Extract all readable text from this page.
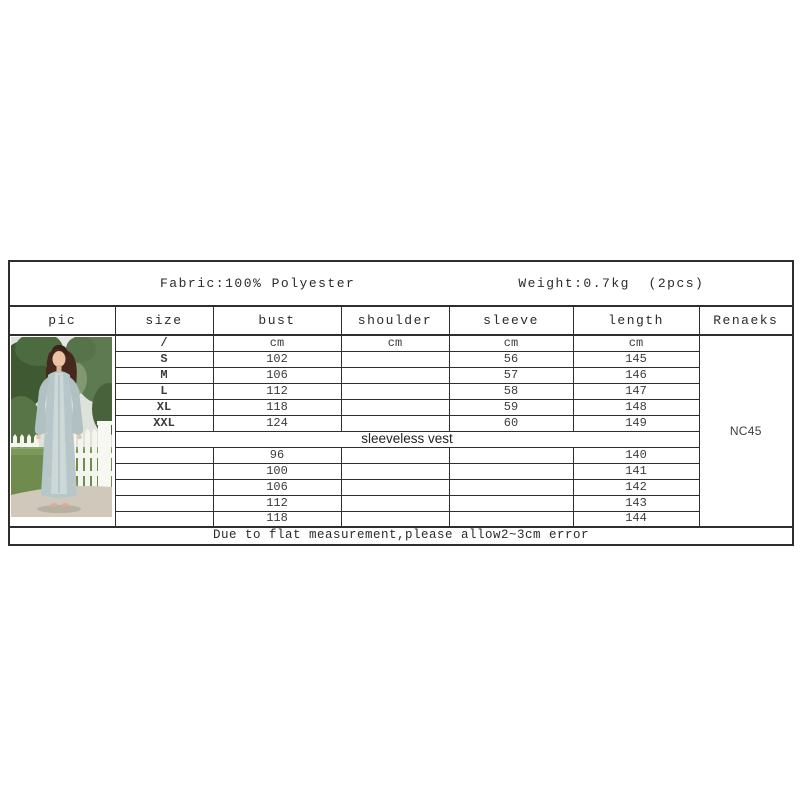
Fabric:100% Polyester Weight:0.7kg  (2pcs)						

pic	size	bust	shoulder	sleeve	length	Renaeks

	/	cm	cm	cm	cm	NC45
	S	102		56	145	
	M	106		57	146	
	L	112		58	147	
	XL	118		59	148	
	XXL	124		60	149	
	sleeveless vest					
		96			140	
		100			141	
		106			142	
		112			143	
		118			144	
Due to flat measurement,please allow2~3cm error						
